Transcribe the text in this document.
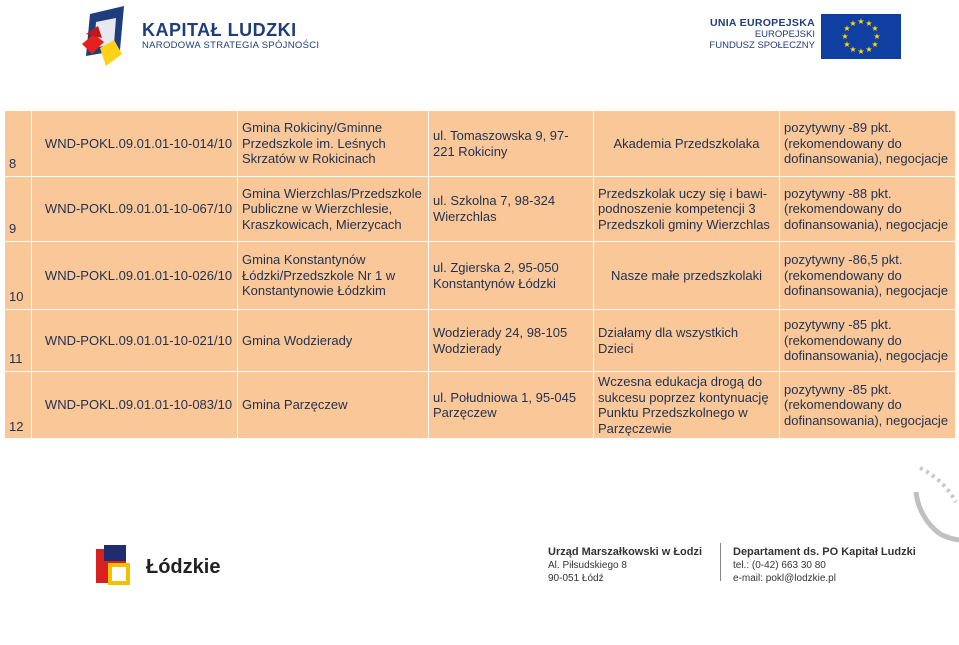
KAPITAŁ LUDZKI
NARODOWA STRATEGIA SPÓJNOŚCI
UNIA EUROPEJSKA
EUROPEJSKI
FUNDUSZ SPOŁECZNY
★ ★
★
★
★
★
★
★
★
★
★
★
8	WND-POKL.09.01.01-10-014/10	Gmina Rokiciny/Gminne Przedszkole im. Leśnych Skrzatów w Rokicinach	ul. Tomaszowska 9, 97-221 Rokiciny	Akademia Przedszkolaka	pozytywny -89 pkt.(rekomendowany do dofinansowania), negocjacje
9	WND-POKL.09.01.01-10-067/10	Gmina Wierzchlas/Przedszkole Publiczne w Wierzchlesie, Kraszkowicach, Mierzycach	ul. Szkolna 7, 98-324 Wierzchlas	Przedszkolak uczy się i bawi-podnoszenie kompetencji 3 Przedszkoli gminy Wierzchlas	pozytywny -88 pkt.(rekomendowany do dofinansowania), negocjacje
10	WND-POKL.09.01.01-10-026/10	Gmina Konstantynów Łódzki/Przedszkole Nr 1 w Konstantynowie Łódzkim	ul. Zgierska 2, 95-050 Konstantynów Łódzki	Nasze małe przedszkolaki	pozytywny -86,5 pkt.(rekomendowany do dofinansowania), negocjacje
11	WND-POKL.09.01.01-10-021/10	Gmina Wodzierady	Wodzierady 24, 98-105 Wodzierady	Działamy dla wszystkich Dzieci	pozytywny -85 pkt.(rekomendowany do dofinansowania), negocjacje
12	WND-POKL.09.01.01-10-083/10	Gmina Parzęczew	ul. Południowa 1, 95-045 Parzęczew	Wczesna edukacja drogą do sukcesu poprzez kontynuację Punktu Przedszkolnego w Parzęczewie	pozytywny -85 pkt.(rekomendowany do dofinansowania), negocjacje
Łódzkie
Urząd Marszałkowski w Łodzi
Al. Piłsudskiego 8
90-051 Łódź
Departament ds. PO Kapitał Ludzki
tel.: (0-42) 663 30 80
e-mail: pokl@lodzkie.pl
